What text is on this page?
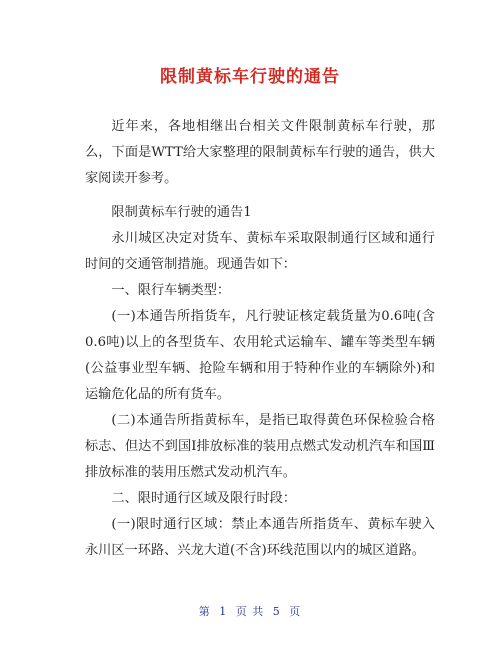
限制黄标车行驶的通告

近年来，各地相继出台相关文件限制黄标车行驶，那么，下面是WTT给大家整理的限制黄标车行驶的通告，供大家阅读开参考。

限制黄标车行驶的通告1

永川城区决定对货车、黄标车采取限制通行区域和通行时间的交通管制措施。现通告如下：

一、限行车辆类型：

(一)本通告所指货车，凡行驶证核定载货量为0.6吨(含0.6吨)以上的各型货车、农用轮式运输车、罐车等类型车辆(公益事业型车辆、抢险车辆和用于特种作业的车辆除外)和运输危化品的所有货车。

(二)本通告所指黄标车，是指已取得黄色环保检验合格标志、但达不到国Ⅰ排放标准的装用点燃式发动机汽车和国Ⅲ排放标准的装用压燃式发动机汽车。

二、限时通行区域及限行时段：

(一)限时通行区域：禁止本通告所指货车、黄标车驶入永川区一环路、兴龙大道(不含)环线范围以内的城区道路。

第 1 页 共 5 页
